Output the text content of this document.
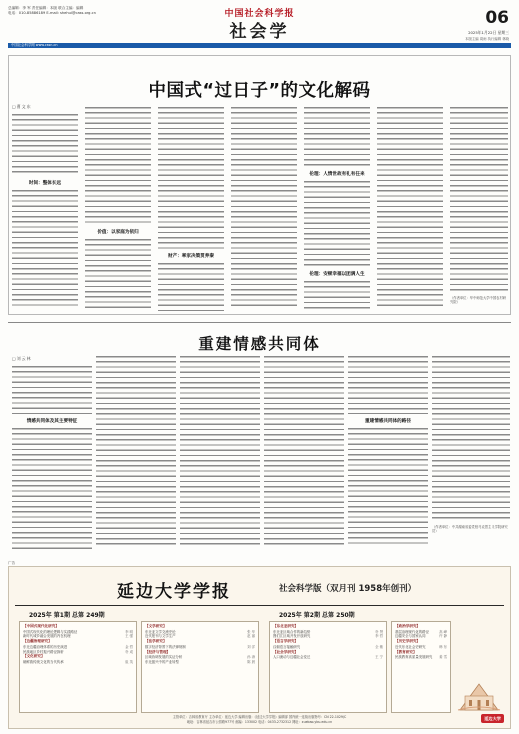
总编辑：李 军 责任编辑：本版 联合主编：编辑
电话：010-85886189 E-mail: shehui@cass.org.cn	中国社会科学报
社会学
06
2025年1月22日 星期三
本版主编 周雨 执行编辑 林晓
中国社会科学网 www.cssn.cn
中国式“过日子”的文化解码
□ 曹 文 东
时间：整体长远
价值：以家庭为依归
财产：率家决策贯养秦
伦理：人情世故有礼有任来
伦理：安顿幸福以团满人生
（作者单位：华中师范大学中国农村研究院）
重建情感共同体
□ 刘 云 林
情感共同体及其主要特征	重建情感共同体的路径
（作者单位：中共湖南省委党校马克思主义学院研究员）
广告
延边大学学报	社会科学版（双月刊 1958年创刊）
2025年 第1期 总第 249期	2025年 第2期 总第 250期
【中国式现代化研究】
中国式现代化的理论逻辑与实践路径	李 明
新时代城乡融合发展的内在机理	王 强
【边疆治理研究】
东北边疆治理体系的历史演进	金 哲
民族地区乡村振兴路径探析	朴 成
【文化研究】
朝鲜族传统文化的当代传承	崔 英
【文学研究】
东北亚文学交流史论	张 华
近代报刊与文学生产	赵 丽
【法学研究】
数字经济背景下的法律规制	刘 洋
【经济与管理】
区域协调发展的实证分析	孙 涛
东北振兴中的产业转型	陈 晨
【东北亚研究】
东北亚区域合作的新趋势	朴 贤
图们江区域开发开放研究	李 哲
【语言学研究】
汉朝语言接触研究	全 敏
【社会学研究】
人口流动与边疆社会变迁	王 宁
【政治学研究】
基层治理现代化的路径	高 峰
边疆安全与国家认同	许 静
【历史学研究】
近代东北社会史研究	韩 东
【教育研究】
民族教育高质量发展研究 姜 雪
延边大学
主管单位：吉林省教育厅 主办单位：延边大学 编辑出版：《延边大学学报》编辑部 国内统一连续出版物号：CN 22-1029/C
地址：吉林省延吉市公园路977号 邮编：133002 电话：0433-2732312 网址：xuebao.ybu.edu.cn
